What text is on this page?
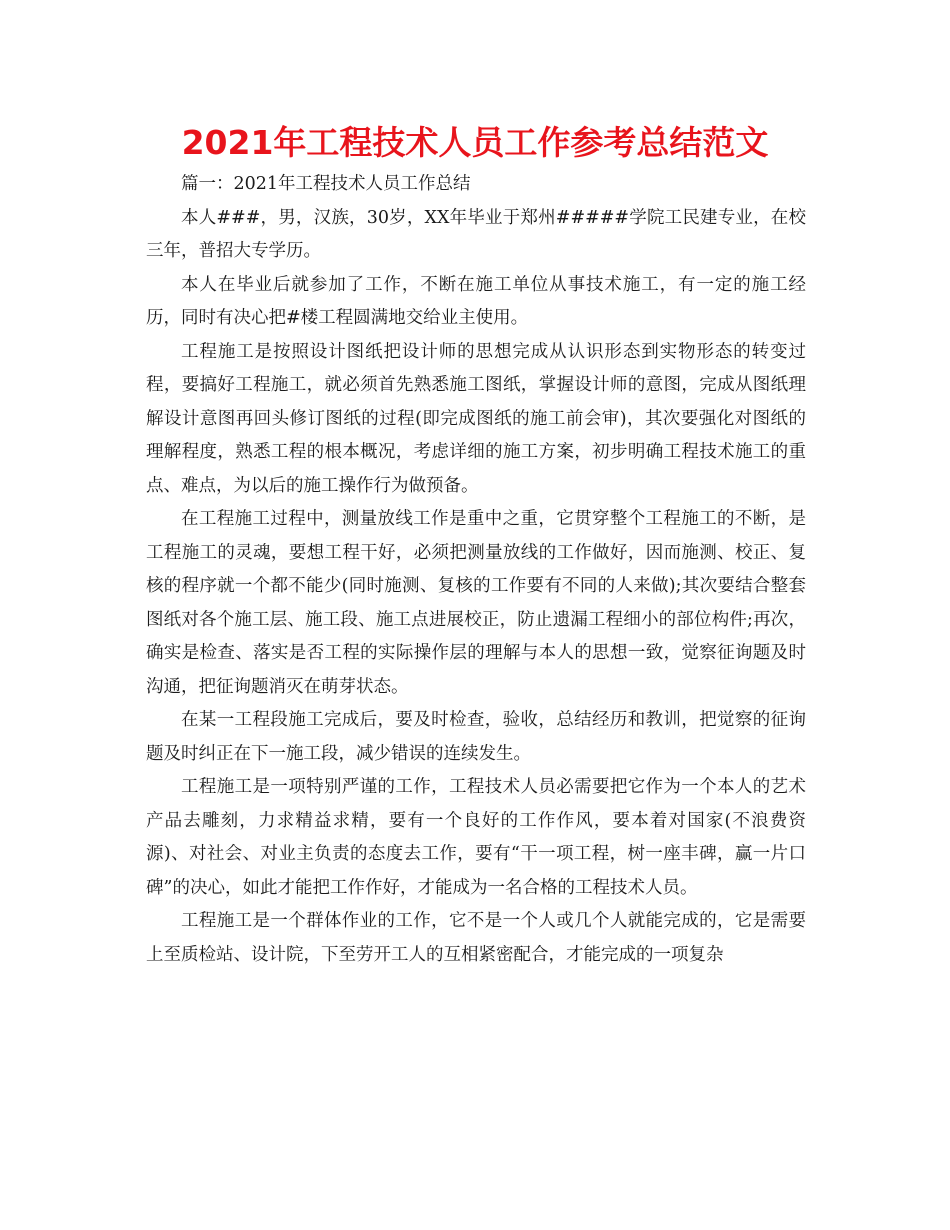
2021年工程技术人员工作参考总结范文

篇一：2021年工程技术人员工作总结

本人###，男，汉族，30岁，XX年毕业于郑州#####学院工民建专业，在校三年，普招大专学历。

本人在毕业后就参加了工作，不断在施工单位从事技术施工，有一定的施工经历，同时有决心把#楼工程圆满地交给业主使用。

工程施工是按照设计图纸把设计师的思想完成从认识形态到实物形态的转变过程，要搞好工程施工，就必须首先熟悉施工图纸，掌握设计师的意图，完成从图纸理解设计意图再回头修订图纸的过程(即完成图纸的施工前会审)，其次要强化对图纸的理解程度，熟悉工程的根本概况，考虑详细的施工方案，初步明确工程技术施工的重点、难点，为以后的施工操作行为做预备。

在工程施工过程中，测量放线工作是重中之重，它贯穿整个工程施工的不断，是工程施工的灵魂，要想工程干好，必须把测量放线的工作做好，因而施测、校正、复核的程序就一个都不能少(同时施测、复核的工作要有不同的人来做);其次要结合整套图纸对各个施工层、施工段、施工点进展校正，防止遗漏工程细小的部位构件;再次，确实是检查、落实是否工程的实际操作层的理解与本人的思想一致，觉察征询题及时沟通，把征询题消灭在萌芽状态。

在某一工程段施工完成后，要及时检查，验收，总结经历和教训，把觉察的征询题及时纠正在下一施工段，减少错误的连续发生。

工程施工是一项特别严谨的工作，工程技术人员必需要把它作为一个本人的艺术产品去雕刻，力求精益求精，要有一个良好的工作作风，要本着对国家(不浪费资源)、对社会、对业主负责的态度去工作，要有“干一项工程，树一座丰碑，赢一片口碑”的决心，如此才能把工作作好，才能成为一名合格的工程技术人员。

工程施工是一个群体作业的工作，它不是一个人或几个人就能完成的，它是需要上至质检站、设计院，下至劳开工人的互相紧密配合，才能完成的一项复杂
